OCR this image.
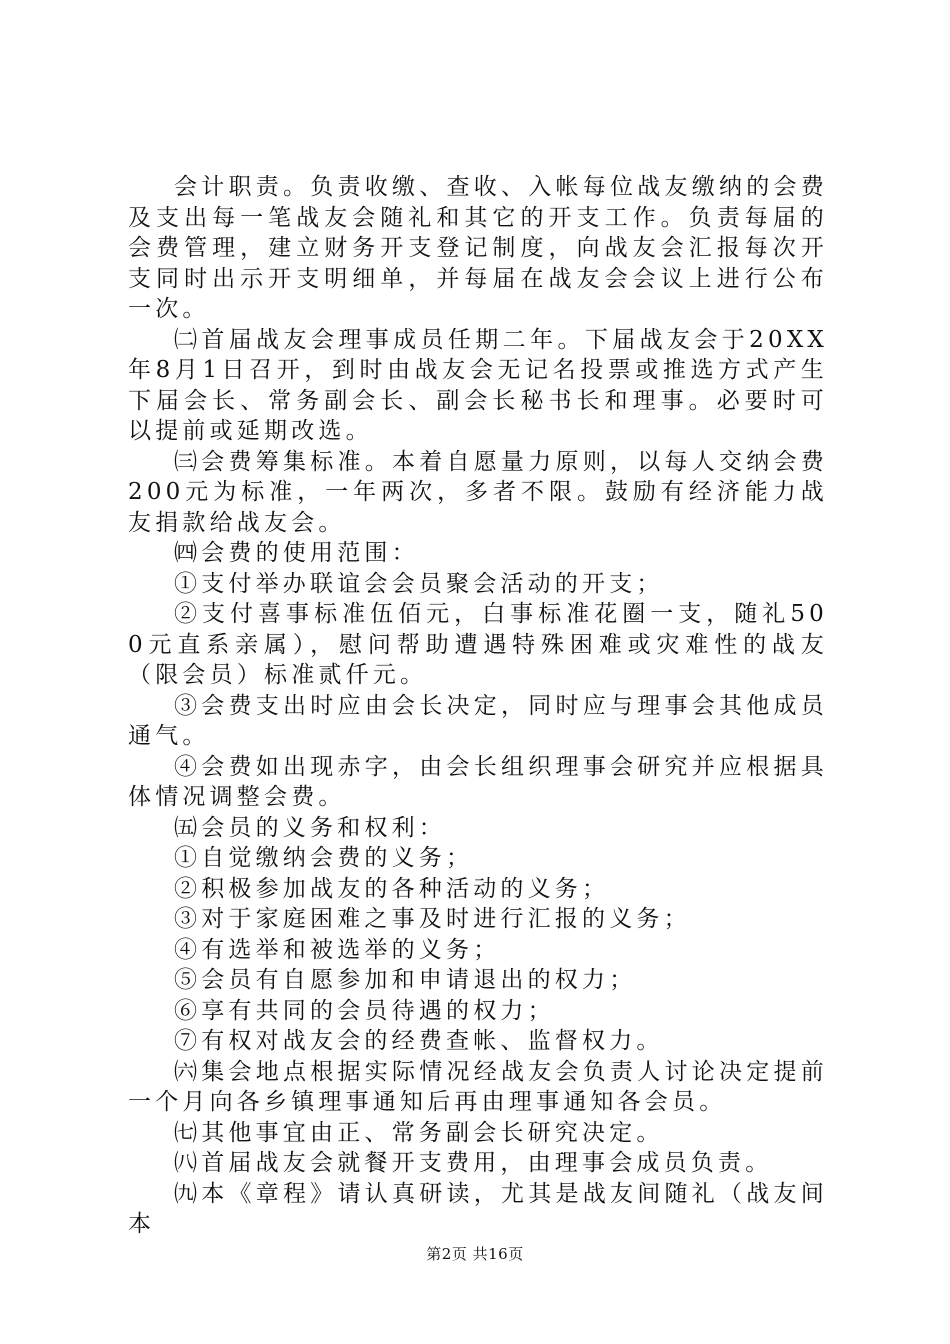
会计职责。负责收缴、查收、入帐每位战友缴纳的会费及支出每一笔战友会随礼和其它的开支工作。负责每届的会费管理，建立财务开支登记制度，向战友会汇报每次开支同时出示开支明细单，并每届在战友会会议上进行公布一次。

㈡首届战友会理事成员任期二年。下届战友会于20XX年8月1日召开，到时由战友会无记名投票或推选方式产生下届会长、常务副会长、副会长秘书长和理事。必要时可以提前或延期改选。

㈢会费筹集标准。本着自愿量力原则，以每人交纳会费200元为标准，一年两次，多者不限。鼓励有经济能力战友捐款给战友会。

㈣会费的使用范围：

①支付举办联谊会会员聚会活动的开支；

②支付喜事标准伍佰元，白事标准花圈一支，随礼500元直系亲属），慰问帮助遭遇特殊困难或灾难性的战友（限会员）标准贰仟元。

③会费支出时应由会长决定，同时应与理事会其他成员通气。

④会费如出现赤字，由会长组织理事会研究并应根据具体情况调整会费。

㈤会员的义务和权利：

①自觉缴纳会费的义务；

②积极参加战友的各种活动的义务；

③对于家庭困难之事及时进行汇报的义务；

④有选举和被选举的义务；

⑤会员有自愿参加和申请退出的权力；

⑥享有共同的会员待遇的权力；

⑦有权对战友会的经费查帐、监督权力。

㈥集会地点根据实际情况经战友会负责人讨论决定提前一个月向各乡镇理事通知后再由理事通知各会员。

㈦其他事宜由正、常务副会长研究决定。

㈧首届战友会就餐开支费用，由理事会成员负责。

㈨本《章程》请认真研读，尤其是战友间随礼（战友间本

第2页 共16页
